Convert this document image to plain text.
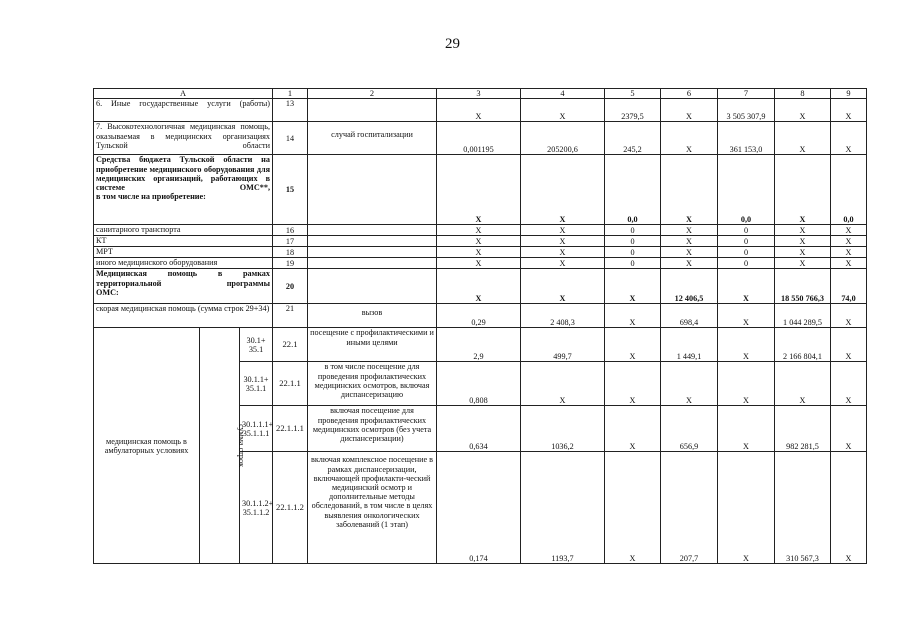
29
А				1	2	3	4	5	6	7	8	9
6. Иные государственные услуги (работы)				13		Х	Х	2379,5	Х	3 505 307,9	Х	Х
7. Высокотехнологичная медицинская помощь, оказываемая в медицинских организациях Тульской области				14	случай госпитализации	0,001195	205200,6	245,2	Х	361 153,0	Х	Х

Средства бюджета Тульской области на приобретение медицинского оборудования для медицинских организаций, работающих в системе ОМС**,
в том числе на приобретение:				15		Х	Х	0,0	Х	0,0	Х	0,0
санитарного транспорта				16		Х	Х	0	Х	0	Х	Х
КТ				17		Х	Х	0	Х	0	Х	Х
МРТ				18		Х	Х	0	Х	0	Х	Х
иного медицинского оборудования				19		Х	Х	0	Х	0	Х	Х

Медицинская помощь в рамках территориальной программы
ОМС:				20		Х	Х	Х	12 406,5	Х	18 550 766,3	74,0
скорая медицинская помощь (сумма строк 29+34)				21	вызов	0,29	2 408,3	Х	698,4	Х	1 044 289,5	Х
медицинская помощь в амбулаторных условиях		сумма строк	30.1+ 35.1	22.1	посещение с профилактическими и иными целями	2,9	499,7	Х	1 449,1	Х	2 166 804,1	Х
			30.1.1+ 35.1.1	22.1.1	в том числе посещение для проведения профилактических медицинских осмотров, включая диспансеризацию	0,808	Х	Х	Х	Х	Х	Х
			30.1.1.1+ 35.1.1.1	22.1.1.1	включая посещение для проведения профилактических медицинских осмотров (без учета диспансеризации)	0,634	1036,2	Х	656,9	Х	982 281,5	Х
			30.1.1.2+ 35.1.1.2	22.1.1.2	включая комплексное посещение в рамках диспансеризации, включающей профилакти-ческий медицинский осмотр и дополнительные методы обследований, в том числе в целях выявления онкологических заболеваний (1 этап)	0,174	1193,7	Х	207,7	Х	310 567,3	Х
